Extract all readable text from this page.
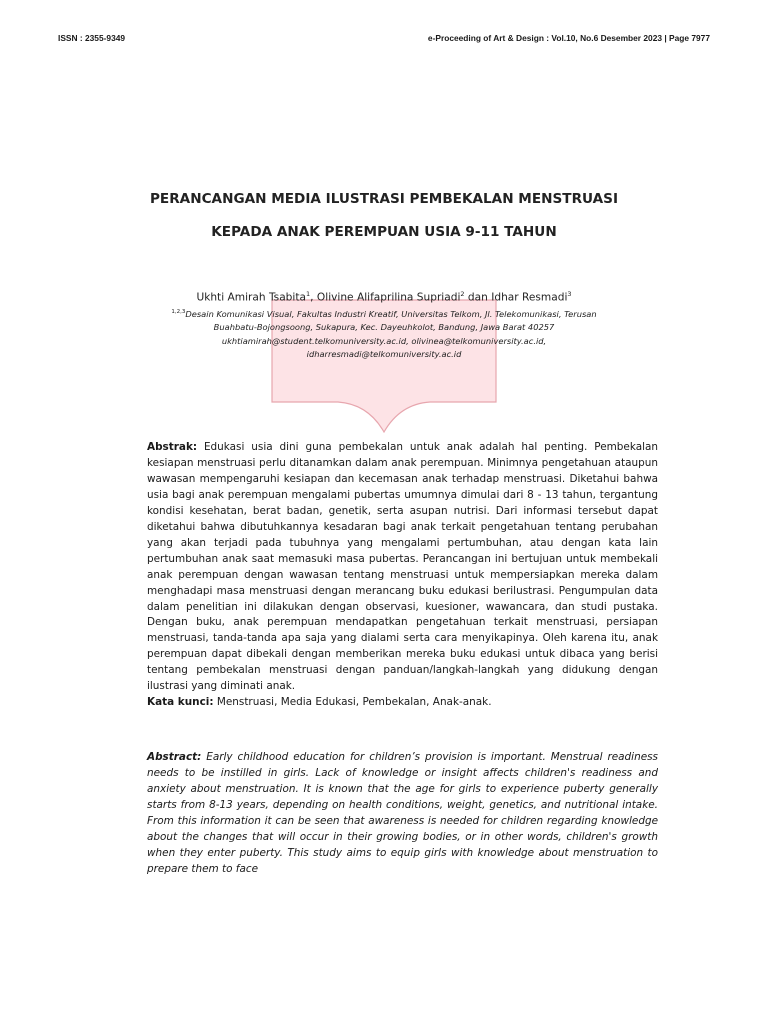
ISSN : 2355-9349	e-Proceeding of Art & Design : Vol.10, No.6 Desember 2023 | Page 7977
PERANCANGAN MEDIA ILUSTRASI PEMBEKALAN MENSTRUASI
KEPADA ANAK PEREMPUAN USIA 9-11 TAHUN
Ukhti Amirah Tsabita$^1$, Olivine Alifaprilina Supriadi$^2$ dan Idhar Resmadi$^3$
$^{1,2,3}$Desain Komunikasi Visual, Fakultas Industri Kreatif, Universitas Telkom, Jl. Telekomunikasi, Terusan
Buahbatu-Bojongsoong, Sukapura, Kec. Dayeuhkolot, Bandung, Jawa Barat 40257
ukhtiamirah@student.telkomuniversity.ac.id, olivinea@telkomuniversity.ac.id,
idharresmadi@telkomuniversity.ac.id
Abstrak: Edukasi usia dini guna pembekalan untuk anak adalah hal penting. Pembekalan kesiapan menstruasi perlu ditanamkan dalam anak perempuan. Minimnya pengetahuan ataupun wawasan mempengaruhi kesiapan dan kecemasan anak terhadap menstruasi. Diketahui bahwa usia bagi anak perempuan mengalami pubertas umumnya dimulai dari 8 - 13 tahun, tergantung kondisi kesehatan, berat badan, genetik, serta asupan nutrisi. Dari informasi tersebut dapat diketahui bahwa dibutuhkannya kesadaran bagi anak terkait pengetahuan tentang perubahan yang akan terjadi pada tubuhnya yang mengalami pertumbuhan, atau dengan kata lain pertumbuhan anak saat memasuki masa pubertas. Perancangan ini bertujuan untuk membekali anak perempuan dengan wawasan tentang menstruasi untuk mempersiapkan mereka dalam menghadapi masa menstruasi dengan merancang buku edukasi berilustrasi. Pengumpulan data dalam penelitian ini dilakukan dengan observasi, kuesioner, wawancara, dan studi pustaka. Dengan buku, anak perempuan mendapatkan pengetahuan terkait menstruasi, persiapan menstruasi, tanda-tanda apa saja yang dialami serta cara menyikapinya. Oleh karena itu, anak perempuan dapat dibekali dengan memberikan mereka buku edukasi untuk dibaca yang berisi tentang pembekalan menstruasi dengan panduan/langkah-langkah yang didukung dengan ilustrasi yang diminati anak.
Kata kunci: Menstruasi, Media Edukasi, Pembekalan, Anak-anak.
Abstract: Early childhood education for children’s provision is important. Menstrual readiness needs to be instilled in girls. Lack of knowledge or insight affects children's readiness and anxiety about menstruation. It is known that the age for girls to experience puberty generally starts from 8-13 years, depending on health conditions, weight, genetics, and nutritional intake. From this information it can be seen that awareness is needed for children regarding knowledge about the changes that will occur in their growing bodies, or in other words, children's growth when they enter puberty. This study aims to equip girls with knowledge about menstruation to prepare them to face
